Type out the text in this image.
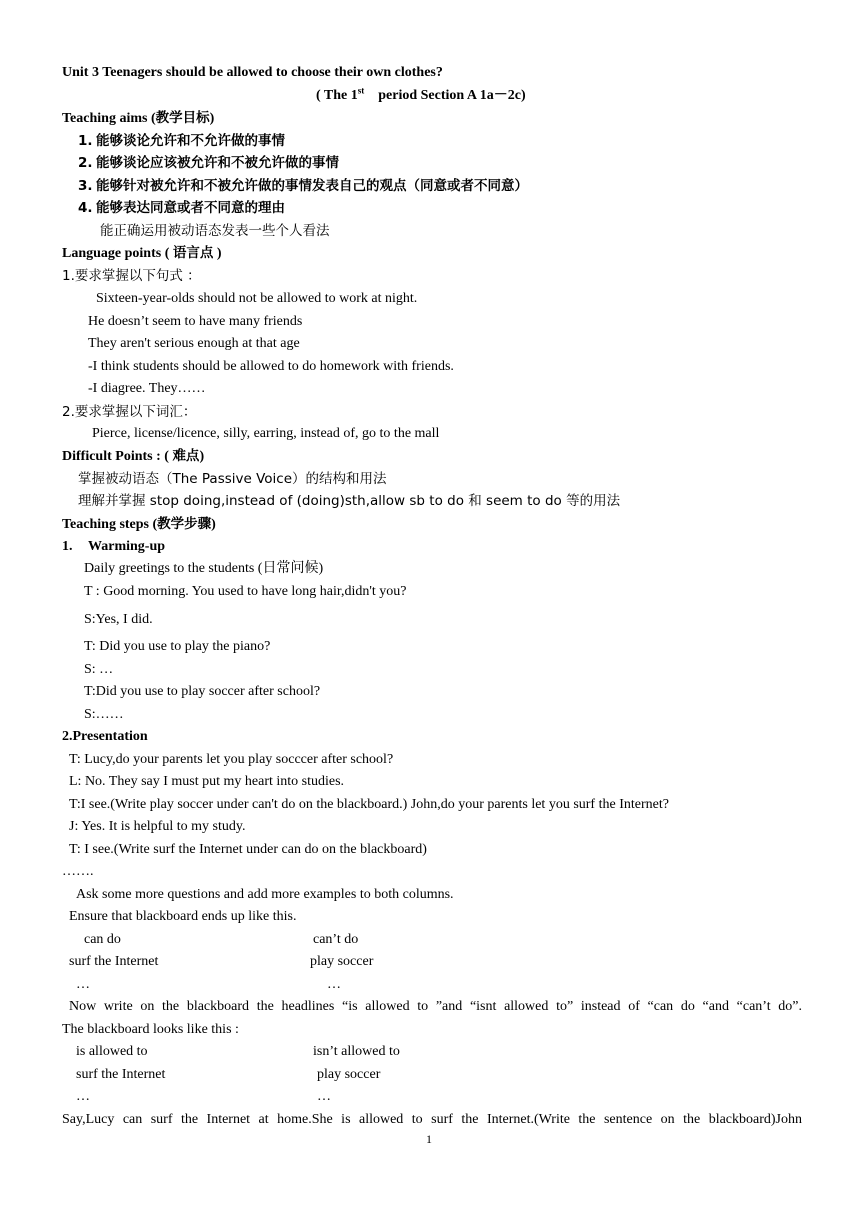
Unit 3 Teenagers should be allowed to choose their own clothes?
( The 1st    period Section A 1a－2c)
Teaching aims (教学目标)
1. 能够谈论允许和不允许做的事情
2. 能够谈论应该被允许和不被允许做的事情
3. 能够针对被允许和不被允许做的事情发表自己的观点（同意或者不同意）
4. 能够表达同意或者不同意的理由
能正确运用被动语态发表一些个人看法
Language points ( 语言点 )
1.要求掌握以下句式 ：
Sixteen-year-olds should not be allowed to work at night.
He doesn’t seem to have many friends
They aren't serious enough at that age
-I think students should be allowed to do homework with friends.
-I diagree. They……
2.要求掌握以下词汇：
Pierce, license/licence, silly, earring, instead of, go to the mall
Difficult Points : ( 难点)
掌握被动语态（The Passive Voice）的结构和用法
理解并掌握 stop doing,instead of (doing)sth,allow sb to do 和 seem to do 等的用法
Teaching steps (教学步骤)
1. Warming-up
Daily greetings to the students (日常问候)
T : Good morning. You used to have long hair,didn't you?
S:Yes, I did.
T: Did you use to play the piano?
S: …
T:Did you use to play soccer after school?
S:……
2.Presentation
T: Lucy,do your parents let you play socccer after school?
L: No. They say I must put my heart into studies.
T:I see.(Write play soccer under can't do on the blackboard.) John,do your parents let you surf the Internet?
J: Yes. It is helpful to my study.
T: I see.(Write surf the Internet under can do on the blackboard)
…….
Ask some more questions and add more examples to both columns.
Ensure that blackboard ends up like this.
can do	can’t do
surf the Internet	play soccer
…	…
Now write on the blackboard the headlines “is allowed to ”and “isnt allowed to” instead of “can do “and “can’t do”.
The blackboard looks like this :
is allowed to	isn’t allowed to
surf the Internet	play soccer
…	…
Say,Lucy can surf the Internet at home.She is allowed to surf the Internet.(Write the sentence on the blackboard)John
1
